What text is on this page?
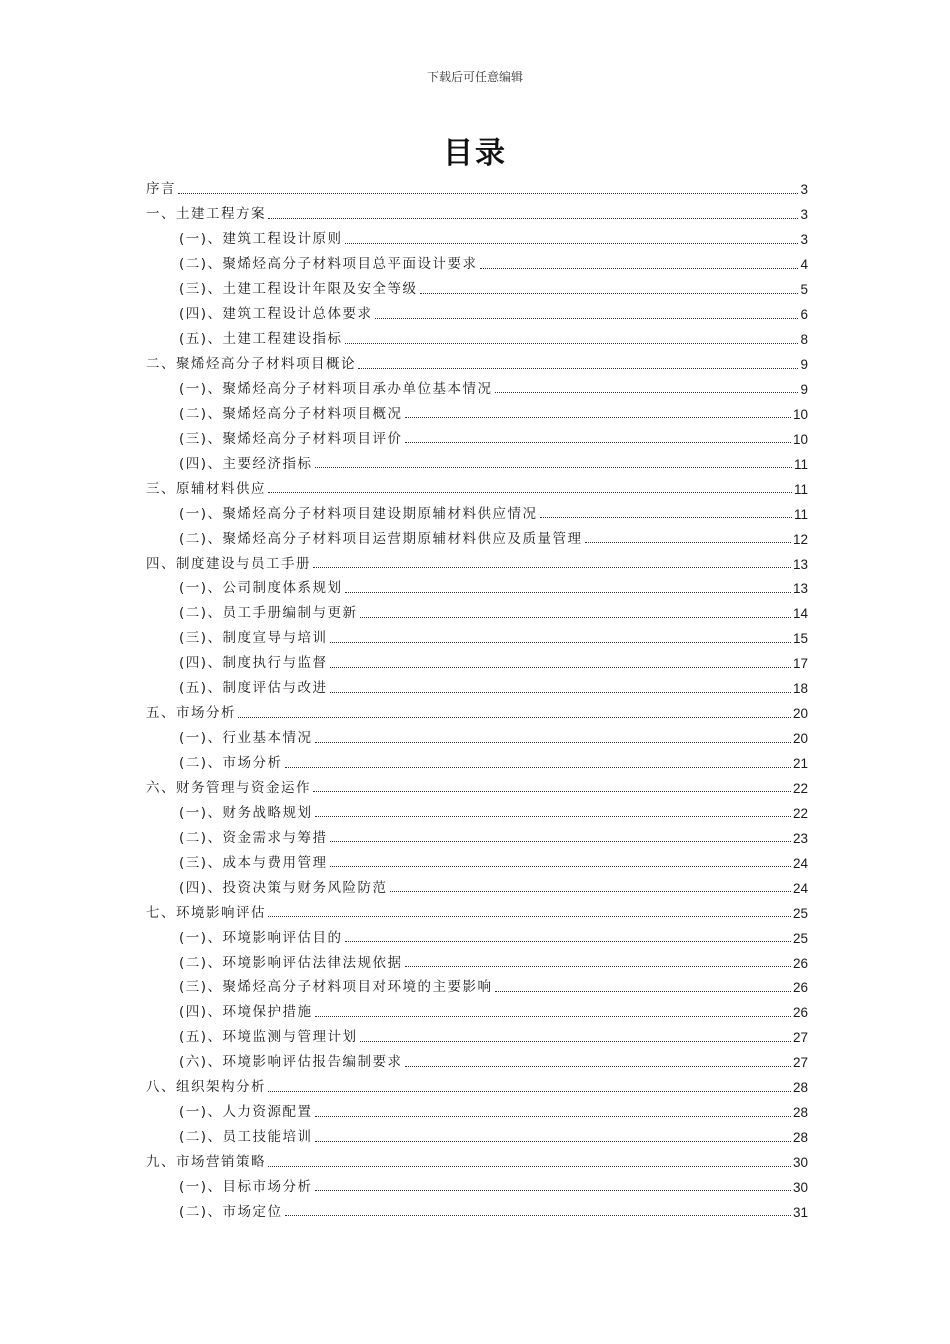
下载后可任意编辑
目录
序言	3
一、土建工程方案	3
(一)、建筑工程设计原则	3
(二)、聚烯烃高分子材料项目总平面设计要求	4
(三)、土建工程设计年限及安全等级	5
(四)、建筑工程设计总体要求	6
(五)、土建工程建设指标	8
二、聚烯烃高分子材料项目概论	9
(一)、聚烯烃高分子材料项目承办单位基本情况	9
(二)、聚烯烃高分子材料项目概况	10
(三)、聚烯烃高分子材料项目评价	10
(四)、主要经济指标	11
三、原辅材料供应	11
(一)、聚烯烃高分子材料项目建设期原辅材料供应情况	11
(二)、聚烯烃高分子材料项目运营期原辅材料供应及质量管理	12
四、制度建设与员工手册	13
(一)、公司制度体系规划	13
(二)、员工手册编制与更新	14
(三)、制度宣导与培训	15
(四)、制度执行与监督	17
(五)、制度评估与改进	18
五、市场分析	20
(一)、行业基本情况	20
(二)、市场分析	21
六、财务管理与资金运作	22
(一)、财务战略规划	22
(二)、资金需求与筹措	23
(三)、成本与费用管理	24
(四)、投资决策与财务风险防范	24
七、环境影响评估	25
(一)、环境影响评估目的	25
(二)、环境影响评估法律法规依据	26
(三)、聚烯烃高分子材料项目对环境的主要影响	26
(四)、环境保护措施	26
(五)、环境监测与管理计划	27
(六)、环境影响评估报告编制要求	27
八、组织架构分析	28
(一)、人力资源配置	28
(二)、员工技能培训	28
九、市场营销策略	30
(一)、目标市场分析	30
(二)、市场定位	31
